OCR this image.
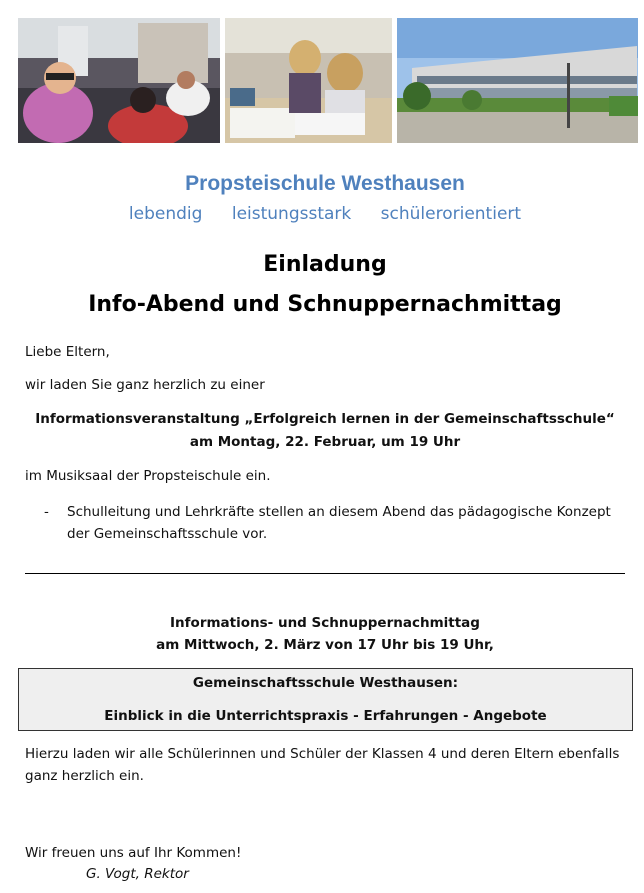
Propsteischule Westhausen
lebendig leistungsstark schülerorientiert
Einladung
Info-Abend und Schnuppernachmittag
Liebe Eltern,
wir laden Sie ganz herzlich zu einer
Informationsveranstaltung „Erfolgreich lernen in der Gemeinschaftsschule“
am Montag, 22. Februar, um 19 Uhr
im Musiksaal der Propsteischule ein.
- Schulleitung und Lehrkräfte stellen an diesem Abend das pädagogische Konzept der Gemeinschaftsschule vor.
Informations- und Schnuppernachmittag
am Mittwoch, 2. März von 17 Uhr bis 19 Uhr,
Gemeinschaftsschule Westhausen:
Einblick in die Unterrichtspraxis - Erfahrungen - Angebote
Hierzu laden wir alle Schülerinnen und Schüler der Klassen 4 und deren Eltern ebenfalls ganz herzlich ein.
Wir freuen uns auf Ihr Kommen!
G. Vogt, Rektor
